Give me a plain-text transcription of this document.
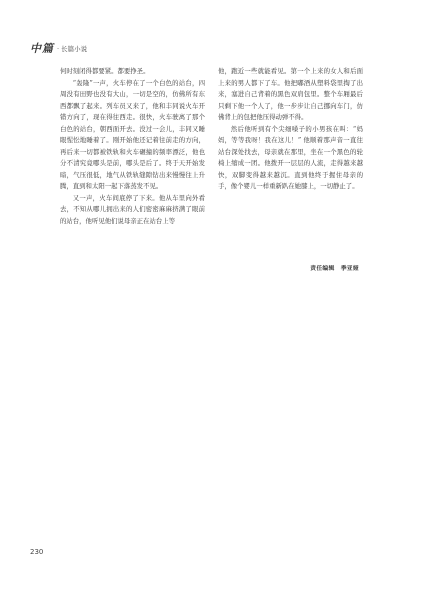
中篇 · 长篇小说

何时刻闭得都要紧。都要挣圣。

“轰隆”一声，火车停在了一个白色的站台，四周没有田野也没有大山，一切是空的，仿佛所有东西都飘了起来。列车员又来了，他和丰同说火车开错方向了，现在得往西走。很快，火车驶离了那个白色的站台，朝西面开去。没过一会儿，丰同又睡眼惺忪地睡着了。刚开始他还记着往前走的方向，再后来一切都被铁轨和火车碾撞的频率漂泛，他也分不清究竟哪头是前，哪头是后了。终于天开始发暗，气压很低，地气从铁轨缝隙钻出来慢慢往上升腾，直到和太阳一起下落蒸发不见。

又一声，火车间底停了下来。他从车里向外看去，不知从哪儿拥出来的人们密密麻麻挤满了眼前的站台，他听见他们说母亲正在站台上等

他，跑近一些就能看见。第一个上来的女人和后面上来的男人都下了车。他把嘟酒从塑料袋里掏了出来，塞进自己背着的黑色双肩包里。整个车厢最后只剩下他一个人了，他一步步让自己挪向车门，仿佛背上的包把他压得动弹不得。

然后他听到有个尖细嗓子的小男孩在叫：“妈妈，等等我呀！我在这儿！” 他顺着那声音一直往站台深处找去，母亲就在那里，坐在一个黑色的轮椅上缩成一团。他拨开一层层的人流，走得越来越快，双脚变得越来越沉。直到他终于握住母亲的手，像个婴儿一样重新趴在她膝上，一切静止了。

责任编辑　季亚娅
230
